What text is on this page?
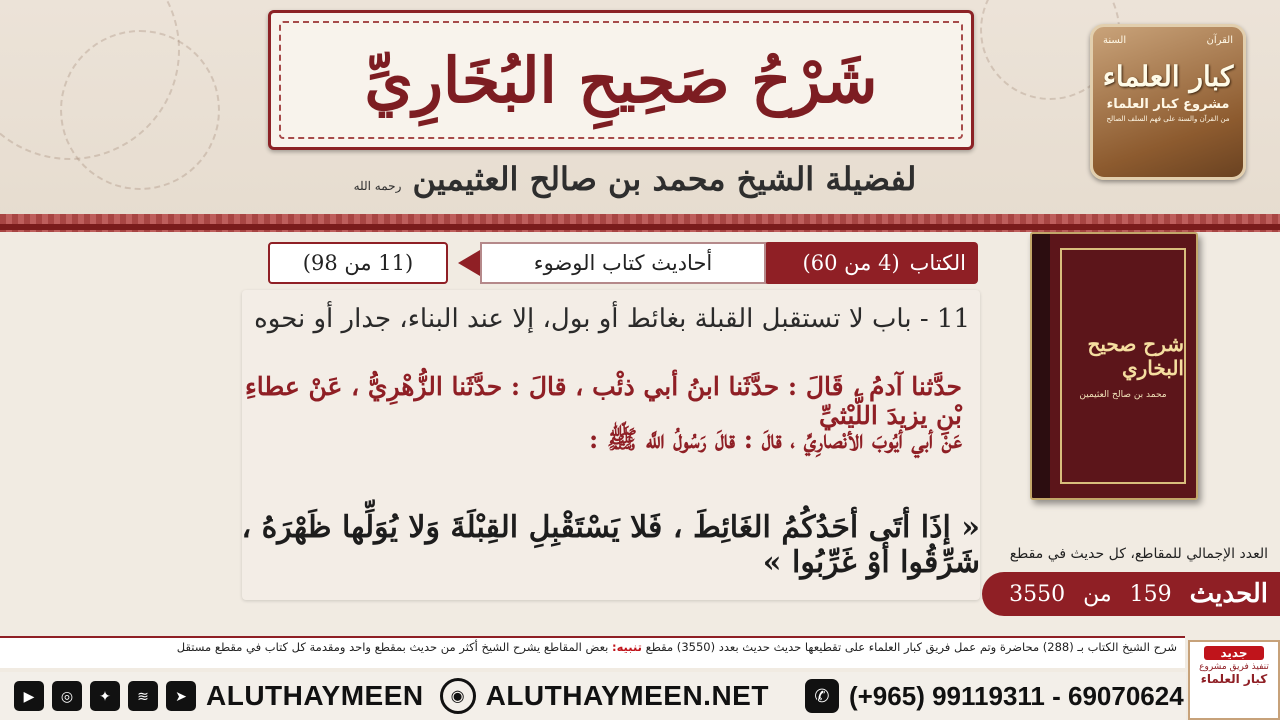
شَرْحُ صَحِيحِ البُخَارِيِّ
لفضيلة الشيخ محمد بن صالح العثيمين رحمه الله
القرآن
السنة
كبار العلماء
مشروع كبار العلماء
من القرآن والسنة على فهم السلف الصالح
الكتاب
(4 من 60)
أحاديث كتاب الوضوء
(11 من 98)
11 - باب لا تستقبل القبلة بغائط أو بول، إلا عند البناء، جدار أو نحوه
حدَّثنا آدمُ ، قَالَ : حدَّثَنا ابنُ أبي ذئْب ، قالَ : حدَّثَنا الزُّهْرِيُّ ، عَنْ عطاءِ بْنِ يزيدَ اللَّيْثيِّ
عَنْ أبي أيُوبَ الأنْصارِيِّ ، قالَ : قالَ رَسُولُ اللَّه ﷺ :
« إذَا أتَى أحَدُكُمُ الغَائِطَ ، فَلا يَسْتَقْبِلِ القِبْلَةَ وَلا يُوَلِّها ظَهْرَهُ ، شَرِّقُوا أوْ غَرِّبُوا »
شرح صحيح البخاري
محمد بن صالح العثيمين
العدد الإجمالي للمقاطع، كل حديث في مقطع
الحديث
159
من
3550
شرح الشيخ الكتاب بـ (288) محاضرة وتم عمل فريق كبار العلماء على تقطيعها حديث حديث بعدد (3550) مقطع تنبيه: بعض المقاطع يشرح الشيخ أكثر من حديث بمقطع واحد ومقدمة كل كتاب في مقطع مستقل	جديد
تنفيذ فريق مشروع
كبار العلماء
▶	◎	✦	≋	➤ ALUTHAYMEEN	◉ ALUTHAYMEEN.NET	✆ (+965) 99119311 - 69070624
